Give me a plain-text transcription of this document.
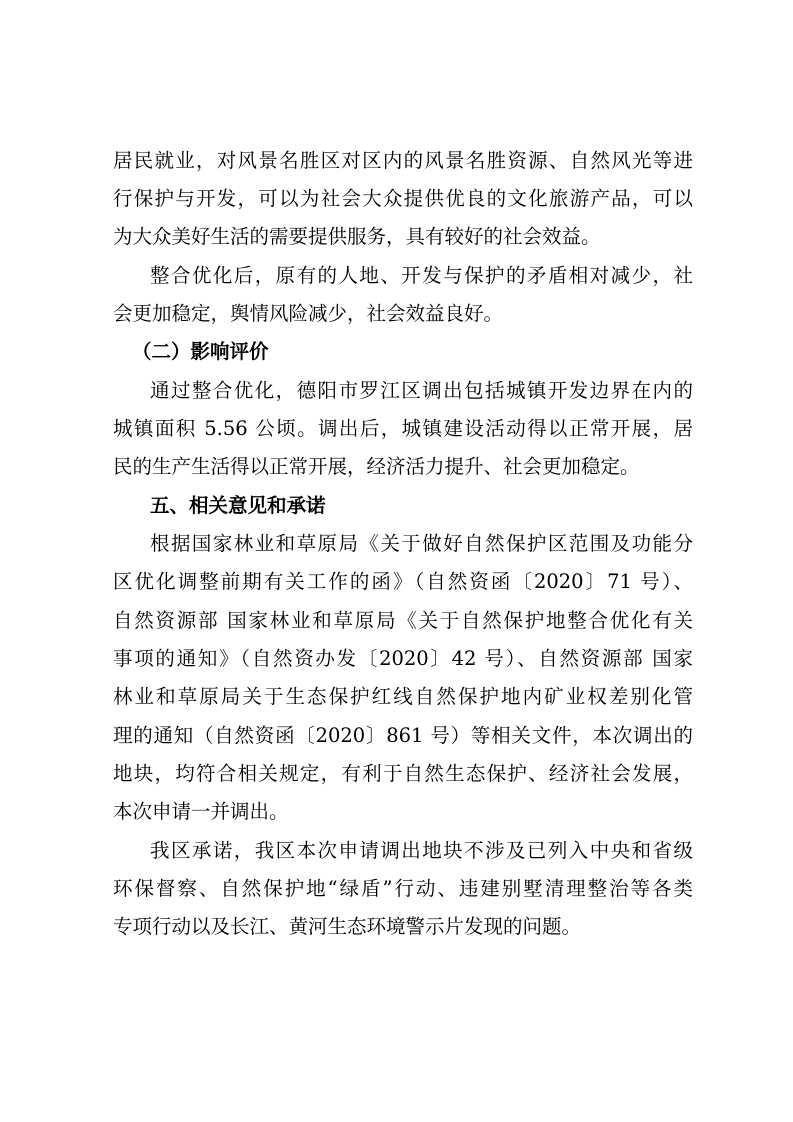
居民就业，对风景名胜区对区内的风景名胜资源、自然风光等进
行保护与开发，可以为社会大众提供优良的文化旅游产品，可以
为大众美好生活的需要提供服务，具有较好的社会效益。
整合优化后，原有的人地、开发与保护的矛盾相对减少，社
会更加稳定，舆情风险减少，社会效益良好。
（二）影响评价
通过整合优化，德阳市罗江区调出包括城镇开发边界在内的
城镇面积 5.56 公顷。调出后，城镇建设活动得以正常开展，居
民的生产生活得以正常开展，经济活力提升、社会更加稳定。
五、相关意见和承诺
根据国家林业和草原局《关于做好自然保护区范围及功能分
区优化调整前期有关工作的函》（自然资函〔2020〕71 号）、
自然资源部 国家林业和草原局《关于自然保护地整合优化有关
事项的通知》（自然资办发〔2020〕42 号）、自然资源部 国家
林业和草原局关于生态保护红线自然保护地内矿业权差别化管
理的通知（自然资函〔2020〕861 号）等相关文件，本次调出的
地块，均符合相关规定，有利于自然生态保护、经济社会发展，
本次申请一并调出。
我区承诺，我区本次申请调出地块不涉及已列入中央和省级
环保督察、自然保护地“绿盾”行动、违建别墅清理整治等各类
专项行动以及长江、黄河生态环境警示片发现的问题。
